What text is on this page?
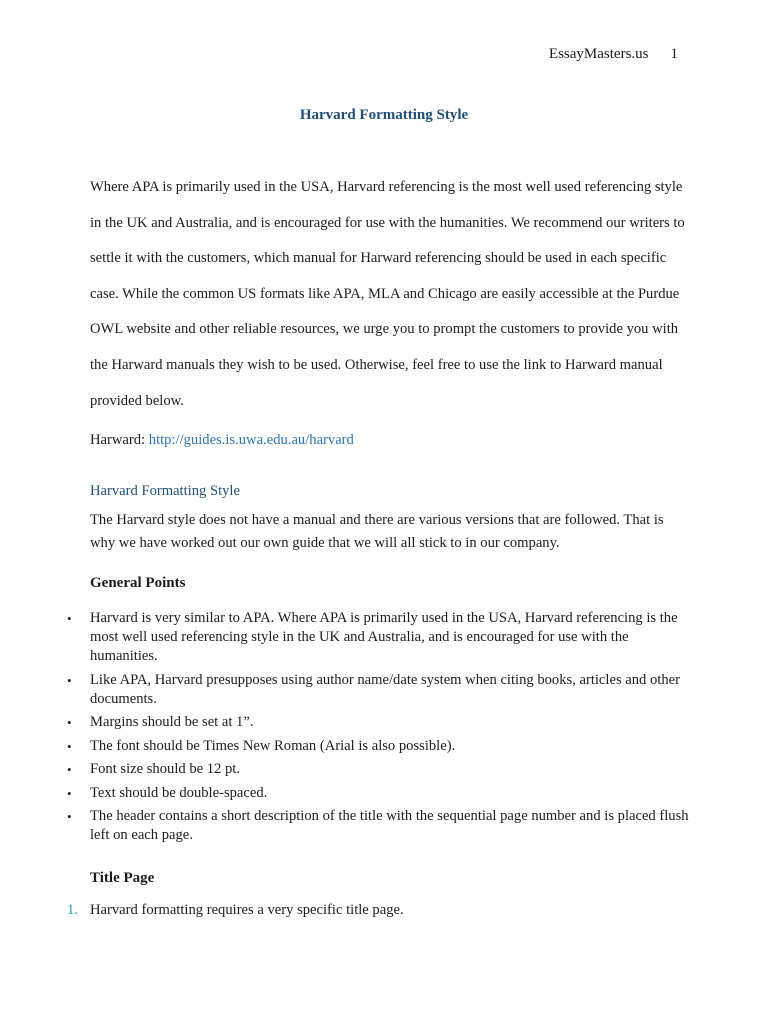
EssayMasters.us 1
Harvard Formatting Style

Where APA is primarily used in the USA, Harvard referencing is the most well used referencing style in the UK and Australia, and is encouraged for use with the humanities. We recommend our writers to settle it with the customers, which manual for Harward referencing should be used in each specific case. While the common US formats like APA, MLA and Chicago are easily accessible at the Purdue OWL website and other reliable resources, we urge you to prompt the customers to provide you with the Harward manuals they wish to be used. Otherwise, feel free to use the link to Harward manual provided below.

Harward: http://guides.is.uwa.edu.au/harvard
Harvard Formatting Style

The Harvard style does not have a manual and there are various versions that are followed. That is why we have worked out our own guide that we will all stick to in our company.

General Points
• Harvard is very similar to APA. Where APA is primarily used in the USA, Harvard referencing is the most well used referencing style in the UK and Australia, and is encouraged for use with the humanities.
• Like APA, Harvard presupposes using author name/date system when citing books, articles and other documents.
• Margins should be set at 1”.
• The font should be Times New Roman (Arial is also possible).
• Font size should be 12 pt.
• Text should be double-spaced.
• The header contains a short description of the title with the sequential page number and is placed flush left on each page.
Title Page
1. Harvard formatting requires a very specific title page.
